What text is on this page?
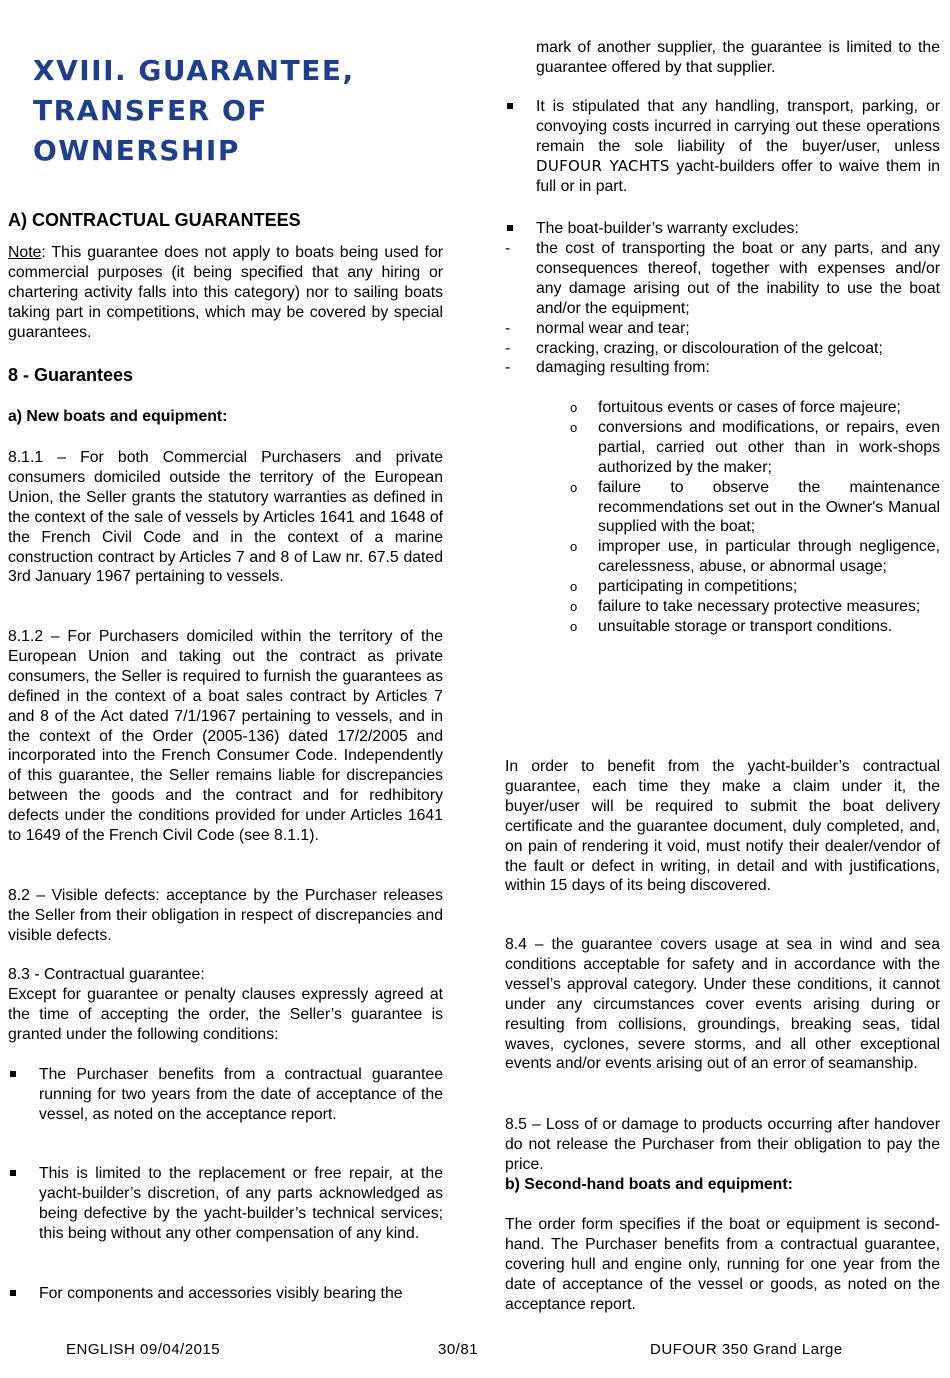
XVIII. GUARANTEE,
TRANSFER OF
OWNERSHIP
A) CONTRACTUAL GUARANTEES

Note: This guarantee does not apply to boats being used for commercial purposes (it being specified that any hiring or chartering activity falls into this category) nor to sailing boats taking part in competitions, which may be covered by special guarantees.

8 - Guarantees

a) New boats and equipment:

8.1.1 – For both Commercial Purchasers and private consumers domiciled outside the territory of the European Union, the Seller grants the statutory warranties as defined in the context of the sale of vessels by Articles 1641 and 1648 of the French Civil Code and in the context of a marine construction contract by Articles 7 and 8 of Law nr. 67.5 dated 3rd January 1967 pertaining to vessels.

8.1.2 – For Purchasers domiciled within the territory of the European Union and taking out the contract as private consumers, the Seller is required to furnish the guarantees as defined in the context of a boat sales contract by Articles 7 and 8 of the Act dated 7/1/1967 pertaining to vessels, and in the context of the Order (2005-136) dated 17/2/2005 and incorporated into the French Consumer Code. Independently of this guarantee, the Seller remains liable for discrepancies between the goods and the contract and for redhibitory defects under the conditions provided for under Articles 1641 to 1649 of the French Civil Code (see 8.1.1).

8.2 – Visible defects: acceptance by the Purchaser releases the Seller from their obligation in respect of discrepancies and visible defects.

8.3 - Contractual guarantee:

Except for guarantee or penalty clauses expressly agreed at the time of accepting the order, the Seller’s guarantee is granted under the following conditions:

The Purchaser benefits from a contractual guarantee running for two years from the date of acceptance of the vessel, as noted on the acceptance report.
This is limited to the replacement or free repair, at the yacht-builder’s discretion, of any parts acknowledged as being defective by the yacht-builder’s technical services; this being without any other compensation of any kind.
For components and accessories visibly bearing the

mark of another supplier, the guarantee is limited to the guarantee offered by that supplier.

It is stipulated that any handling, transport, parking, or convoying costs incurred in carrying out these operations remain the sole liability of the buyer/user, unless DUFOUR YACHTS yacht-builders offer to waive them in full or in part.
The boat-builder’s warranty excludes:
- the cost of transporting the boat or any parts, and any consequences thereof, together with expenses and/or any damage arising out of the inability to use the boat and/or the equipment;
- normal wear and tear;
- cracking, crazing, or discolouration of the gelcoat;
- damaging resulting from:
o fortuitous events or cases of force majeure;
o conversions and modifications, or repairs, even partial, carried out other than in work-shops authorized by the maker;
o failure to observe the maintenance recommendations set out in the Owner's Manual supplied with the boat;
o improper use, in particular through negligence, carelessness, abuse, or abnormal usage;
o participating in competitions;
o failure to take necessary protective measures;
o unsuitable storage or transport conditions.

In order to benefit from the yacht-builder’s contractual guarantee, each time they make a claim under it, the buyer/user will be required to submit the boat delivery certificate and the guarantee document, duly completed, and, on pain of rendering it void, must notify their dealer/vendor of the fault or defect in writing, in detail and with justifications, within 15 days of its being discovered.

8.4 – the guarantee covers usage at sea in wind and sea conditions acceptable for safety and in accordance with the vessel’s approval category. Under these conditions, it cannot under any circumstances cover events arising during or resulting from collisions, groundings, breaking seas, tidal waves, cyclones, severe storms, and all other exceptional events and/or events arising out of an error of seamanship.

8.5 – Loss of or damage to products occurring after handover do not release the Purchaser from their obligation to pay the price.

b) Second-hand boats and equipment:

The order form specifies if the boat or equipment is second-hand. The Purchaser benefits from a contractual guarantee, covering hull and engine only, running for one year from the date of acceptance of the vessel or goods, as noted on the acceptance report.

ENGLISH 09/04/2015	30/81	DUFOUR 350 Grand Large
